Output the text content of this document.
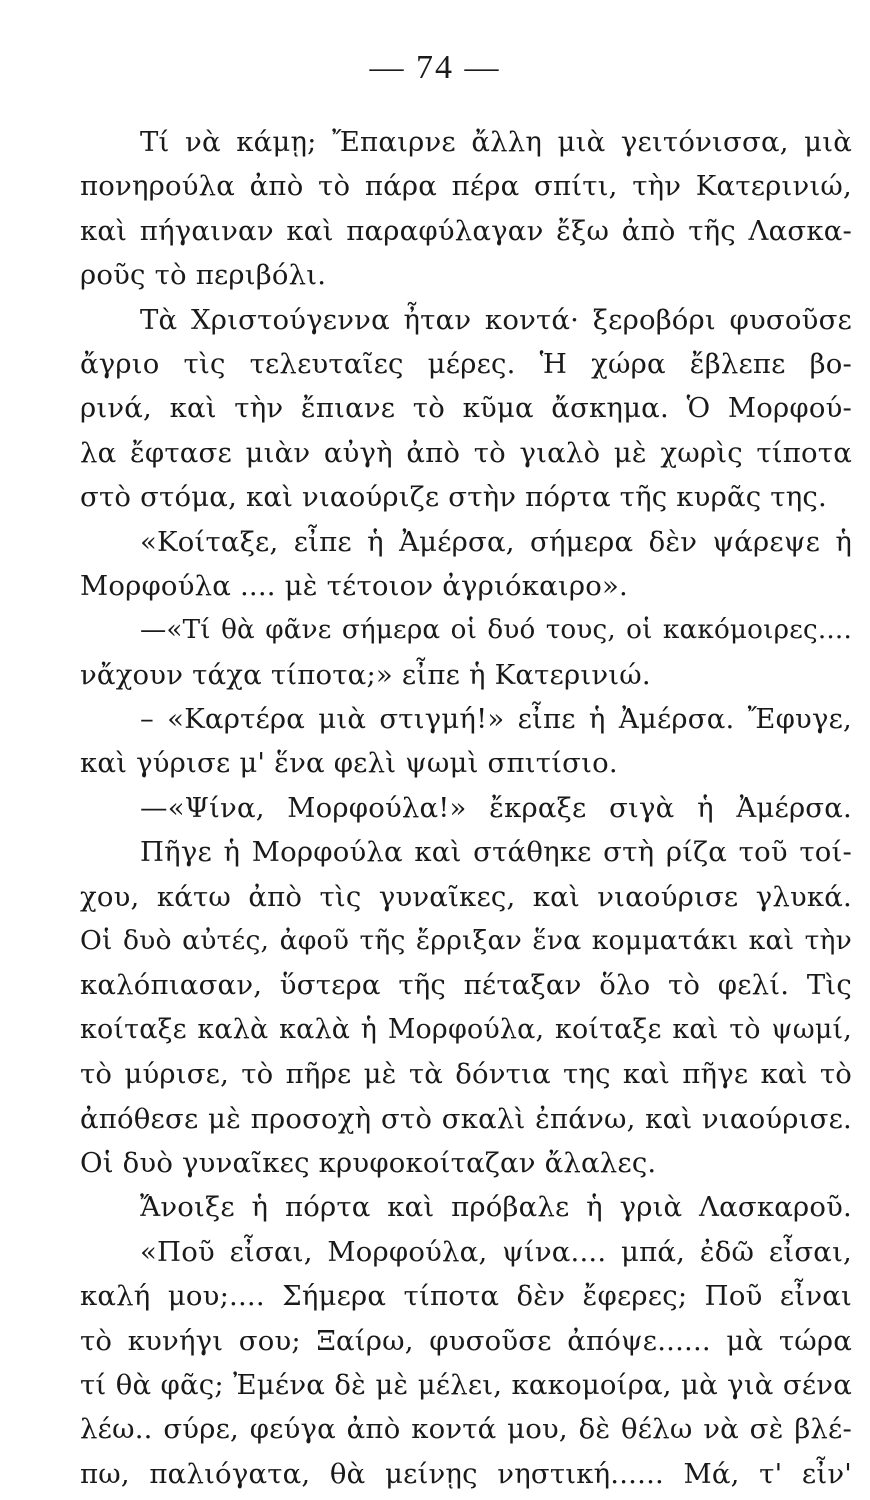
— 74 —
Τί νὰ κάμῃ; Ἔπαιρνε ἄλλη μιὰ γειτόνισσα, μιὰ
πονηρούλα ἀπὸ τὸ πάρα πέρα σπίτι, τὴν Κατερινιώ,
καὶ πήγαιναν καὶ παραφύλαγαν ἔξω ἀπὸ τῆς Λασκα-
ροῦς τὸ περιβόλι.
Τὰ Χριστούγεννα ἦταν κοντά· ξεροβόρι φυσοῦσε
ἄγριο τὶς τελευταῖες μέρες. Ἡ χώρα ἔβλεπε βο-
ρινά, καὶ τὴν ἔπιανε τὸ κῦμα ἄσκημα. Ὁ Μορφού-
λα ἔφτασε μιὰν αὐγὴ ἀπὸ τὸ γιαλὸ μὲ χωρὶς τίποτα
στὸ στόμα, καὶ νιαούριζε στὴν πόρτα τῆς κυρᾶς της.
«Κοίταξε, εἶπε ἡ Ἀμέρσα, σήμερα δὲν ψάρεψε ἡ
Μορφούλα .... μὲ τέτοιον ἀγριόκαιρο».
—«Τί θὰ φᾶνε σήμερα οἱ δυό τους, οἱ κακόμοιρες....
νἄχουν τάχα τίποτα;» εἶπε ἡ Κατερινιώ.
– «Καρτέρα μιὰ στιγμή!» εἶπε ἡ Ἀμέρσα. Ἔφυγε,
καὶ γύρισε μ' ἕνα φελὶ ψωμὶ σπιτίσιο.
—«Ψίνα, Μορφούλα!» ἔκραξε σιγὰ ἡ Ἀμέρσα.
Πῆγε ἡ Μορφούλα καὶ στάθηκε στὴ ρίζα τοῦ τοί-
χου, κάτω ἀπὸ τὶς γυναῖκες, καὶ νιαούρισε γλυκά.
Οἱ δυὸ αὐτές, ἀφοῦ τῆς ἔρριξαν ἕνα κομματάκι καὶ τὴν
καλόπιασαν, ὕστερα τῆς πέταξαν ὅλο τὸ φελί. Τὶς
κοίταξε καλὰ καλὰ ἡ Μορφούλα, κοίταξε καὶ τὸ ψωμί,
τὸ μύρισε, τὸ πῆρε μὲ τὰ δόντια της καὶ πῆγε καὶ τὸ
ἀπόθεσε μὲ προσοχὴ στὸ σκαλὶ ἐπάνω, καὶ νιαούρισε.
Οἱ δυὸ γυναῖκες κρυφοκοίταζαν ἄλαλες.
Ἄνοιξε ἡ πόρτα καὶ πρόβαλε ἡ γριὰ Λασκαροῦ.
«Ποῦ εἶσαι, Μορφούλα, ψίνα.... μπά, ἐδῶ εἶσαι,
καλή μου;.... Σήμερα τίποτα δὲν ἔφερες; Ποῦ εἶναι
τὸ κυνήγι σου; Ξαίρω, φυσοῦσε ἀπόψε...... μὰ τώρα
τί θὰ φᾶς; Ἐμένα δὲ μὲ μέλει, κακομοίρα, μὰ γιὰ σένα
λέω.. σύρε, φεύγα ἀπὸ κοντά μου, δὲ θέλω νὰ σὲ βλέ-
πω, παλιόγατα, θὰ μείνῃς νηστική...... Μά, τ' εἶν'
